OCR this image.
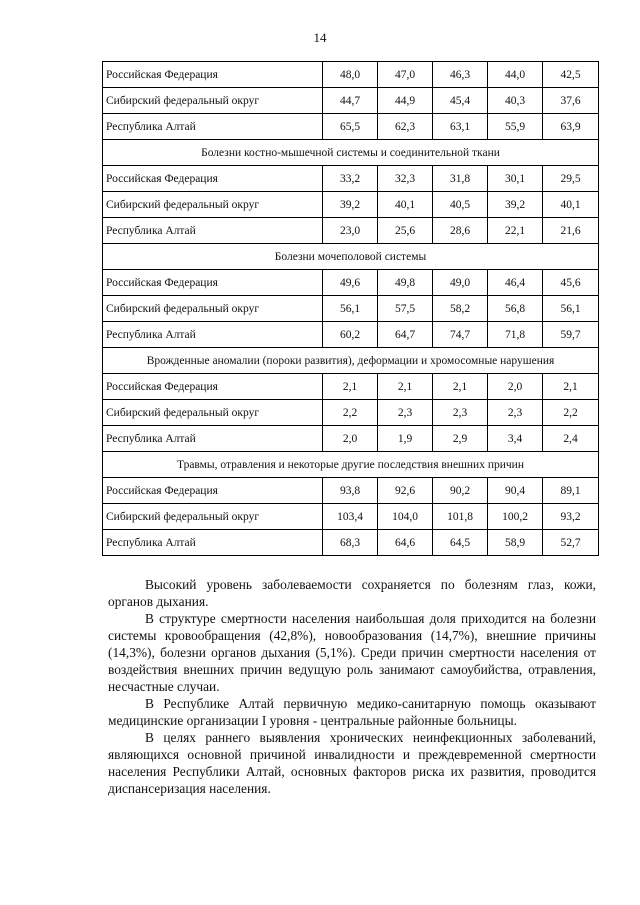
14
Российская Федерация	48,0	47,0	46,3	44,0	42,5
Сибирский федеральный округ	44,7	44,9	45,4	40,3	37,6
Республика Алтай	65,5	62,3	63,1	55,9	63,9
Болезни костно-мышечной системы и соединительной ткани					
Российская Федерация	33,2	32,3	31,8	30,1	29,5
Сибирский федеральный округ	39,2	40,1	40,5	39,2	40,1
Республика Алтай	23,0	25,6	28,6	22,1	21,6
Болезни мочеполовой системы					
Российская Федерация	49,6	49,8	49,0	46,4	45,6
Сибирский федеральный округ	56,1	57,5	58,2	56,8	56,1
Республика Алтай	60,2	64,7	74,7	71,8	59,7
Врожденные аномалии (пороки развития), деформации и хромосомные нарушения					
Российская Федерация	2,1	2,1	2,1	2,0	2,1
Сибирский федеральный округ	2,2	2,3	2,3	2,3	2,2
Республика Алтай	2,0	1,9	2,9	3,4	2,4
Травмы, отравления и некоторые другие последствия внешних причин					
Российская Федерация	93,8	92,6	90,2	90,4	89,1
Сибирский федеральный округ	103,4	104,0	101,8	100,2	93,2
Республика Алтай	68,3	64,6	64,5	58,9	52,7

Высокий уровень заболеваемости сохраняется по болезням глаз, кожи, органов дыхания.

В структуре смертности населения наибольшая доля приходится на болезни системы кровообращения (42,8%), новообразования (14,7%), внешние причины (14,3%), болезни органов дыхания (5,1%). Среди причин смертности населения от воздействия внешних причин ведущую роль занимают самоубийства, отравления, несчастные случаи.

В Республике Алтай первичную медико-санитарную помощь оказывают медицинские организации I уровня - центральные районные больницы.

В целях раннего выявления хронических неинфекционных заболеваний, являющихся основной причиной инвалидности и преждевременной смертности населения Республики Алтай, основных факторов риска их развития, проводится диспансеризация населения.
